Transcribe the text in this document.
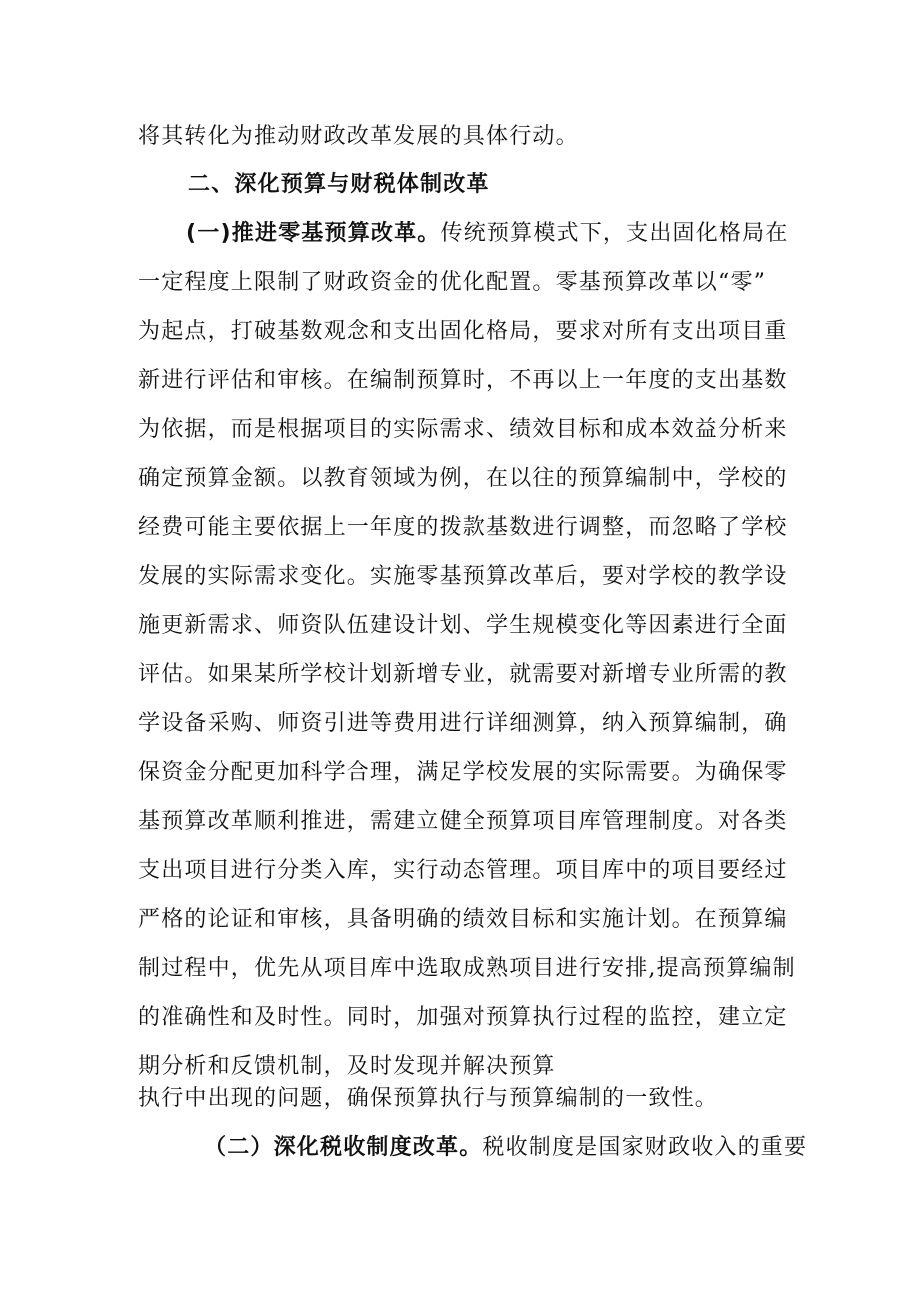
将其转化为推动财政改革发展的具体行动。
二、深化预算与财税体制改革
(一)推进零基预算改革。传统预算模式下，支出固化格局在
一定程度上限制了财政资金的优化配置。零基预算改革以“零”
为起点，打破基数观念和支出固化格局，要求对所有支出项目重
新进行评估和审核。在编制预算时，不再以上一年度的支出基数
为依据，而是根据项目的实际需求、绩效目标和成本效益分析来
确定预算金额。以教育领域为例，在以往的预算编制中，学校的
经费可能主要依据上一年度的拨款基数进行调整，而忽略了学校
发展的实际需求变化。实施零基预算改革后，要对学校的教学设
施更新需求、师资队伍建设计划、学生规模变化等因素进行全面
评估。如果某所学校计划新增专业，就需要对新增专业所需的教
学设备采购、师资引进等费用进行详细测算，纳入预算编制，确
保资金分配更加科学合理，满足学校发展的实际需要。为确保零
基预算改革顺利推进，需建立健全预算项目库管理制度。对各类
支出项目进行分类入库，实行动态管理。项目库中的项目要经过
严格的论证和审核，具备明确的绩效目标和实施计划。在预算编
制过程中，优先从项目库中选取成熟项目进行安排,提高预算编制
的准确性和及时性。同时，加强对预算执行过程的监控，建立定
期分析和反馈机制，及时发现并解决预算
执行中出现的问题，确保预算执行与预算编制的一致性。
（二）深化税收制度改革。税收制度是国家财政收入的重要
